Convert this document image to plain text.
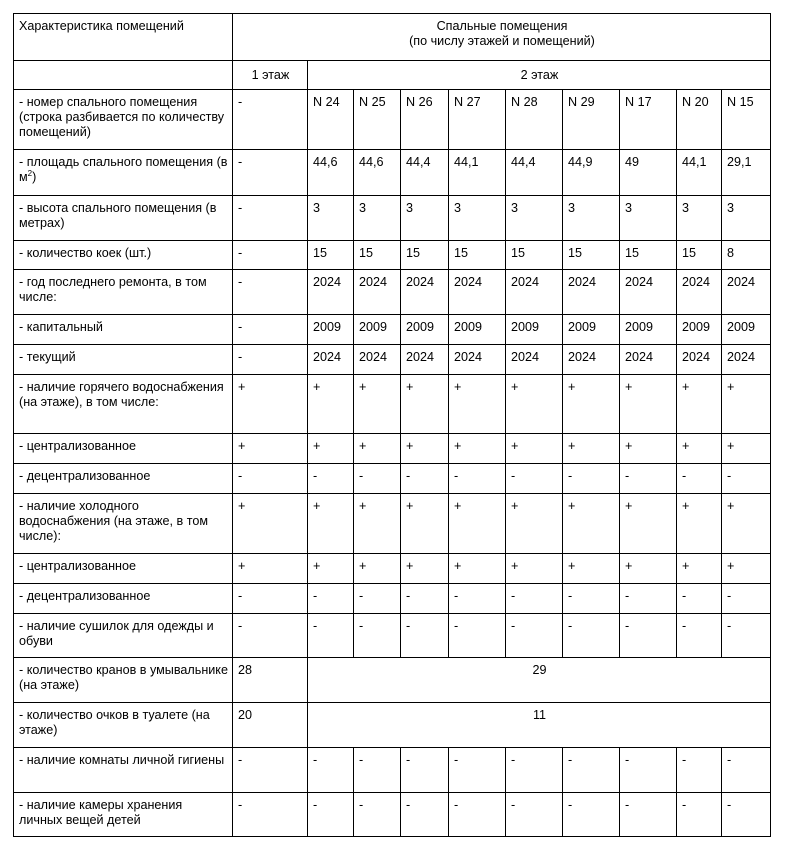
Характеристика помещений	Спальные помещения
(по числу этажей и помещений)									

	1 этаж	2 этаж								
- номер спального помещения (строка разбивается по количеству помещений)	-	N 24	N 25	N 26	N 27	N 28	N 29	N 17	N 20	N 15
- площадь спального помещения (в $м^2$)	-	44,6	44,6	44,4	44,1	44,4	44,9	49	44,1	29,1
- высота спального помещения (в метрах)	-	3	3	3	3	3	3	3	3	3
- количество коек (шт.)	-	15	15	15	15	15	15	15	15	8
- год последнего ремонта, в том числе:	-	2024	2024	2024	2024	2024	2024	2024	2024	2024
- капитальный	-	2009	2009	2009	2009	2009	2009	2009	2009	2009
- текущий	-	2024	2024	2024	2024	2024	2024	2024	2024	2024
- наличие горячего водоснабжения (на этаже), в том числе:	+	+	+	+	+	+	+	+	+	+
- централизованное	+	+	+	+	+	+	+	+	+	+
- децентрализованное	-	-	-	-	-	-	-	-	-	-
- наличие холодного водоснабжения (на этаже, в том числе):	+	+	+	+	+	+	+	+	+	+
- централизованное	+	+	+	+	+	+	+	+	+	+
- децентрализованное	-	-	-	-	-	-	-	-	-	-
- наличие сушилок для одежды и обуви	-	-	-	-	-	-	-	-	-	-
- количество кранов в умывальнике (на этаже)	28	29								
- количество очков в туалете (на этаже)	20	11								
- наличие комнаты личной гигиены	-	-	-	-	-	-	-	-	-	-
- наличие камеры хранения личных вещей детей	-	-	-	-	-	-	-	-	-	-
